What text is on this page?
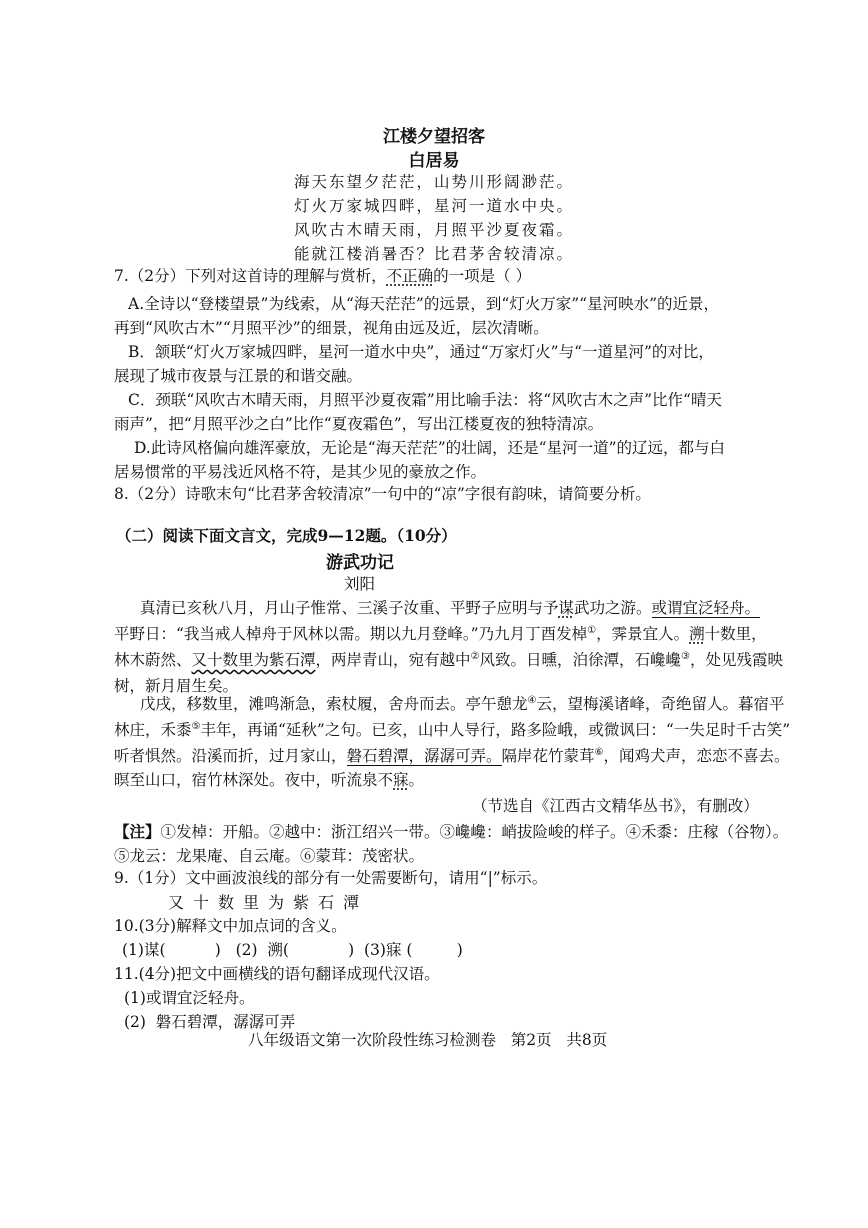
江楼夕望招客
白居易
海天东望夕茫茫，山势川形阔渺茫。
灯火万家城四畔，星河一道水中央。
风吹古木晴天雨，月照平沙夏夜霜。
能就江楼消暑否？比君茅舍较清凉。
7.（2分）下列对这首诗的理解与赏析，不正确的一项是（ ）
A.全诗以“登楼望景”为线索，从“海天茫茫”的远景，到“灯火万家”“星河映水”的近景，
再到“风吹古木”“月照平沙”的细景，视角由远及近，层次清晰。
B．颔联“灯火万家城四畔，星河一道水中央”，通过“万家灯火”与“一道星河”的对比，
展现了城市夜景与江景的和谐交融。
C．颈联“风吹古木晴天雨，月照平沙夏夜霜”用比喻手法：将“风吹古木之声”比作“晴天
雨声”，把“月照平沙之白”比作“夏夜霜色”，写出江楼夏夜的独特清凉。
D.此诗风格偏向雄浑豪放，无论是“海天茫茫”的壮阔，还是“星河一道”的辽远，都与白
居易惯常的平易浅近风格不符，是其少见的豪放之作。
8.（2分）诗歌末句“比君茅舍较清凉”一句中的“凉”字很有韵味，请简要分析。
（二）阅读下面文言文，完成9—12题。（10分）
游武功记
刘阳
真清已亥秋八月，月山子惟常、三溪子汝重、平野子应明与予谋武功之游。或谓宜泛轻舟。
平野日：“我当戒人棹舟于风林以需。期以九月登峰。”乃九月丁酉发棹①，霁景宜人。溯十数里，
林木蔚然、又十数里为紫石潭，两岸青山，宛有越中②风致。日曛，泊徐潭，石巉巉③，处见残霞映
树，新月眉生矣。
戊戌，移数里，滩鸣渐急，索杖履，舍舟而去。亭午憩龙④云，望梅溪诸峰，奇绝留人。暮宿平
林庄，禾黍⑤丰年，再诵“延秋”之句。已亥，山中人导行，路多险峨，或微讽曰：“一失足时千古笑”
听者惧然。沿溪而折，过月家山，磐石碧潭，潺潺可弄。隔岸花竹蒙茸⑥，闻鸡犬声，恋恋不喜去。
暝至山口，宿竹林深处。夜中，听流泉不寐。
（节选自《江西古文精华丛书》，有删改）
【注】①发棹：开船。②越中：浙江绍兴一带。③巉巉：峭拔险峻的样子。④禾黍：庄稼（谷物）。
⑤龙云：龙果庵、自云庵。⑥蒙茸：茂密状。
9.（1分）文中画波浪线的部分有一处需要断句，请用“|”标示。
又十数里为紫石潭
10.(3分)解释文中加点词的含义。
(1)谋(          )   (2)  溯(            )  (3)寐 (         )
11.(4分)把文中画横线的语句翻译成现代汉语。
(1)或谓宜泛轻舟。
(2)  磐石碧潭，潺潺可弄
八年级语文第一次阶段性练习检测卷   第2页   共8页
